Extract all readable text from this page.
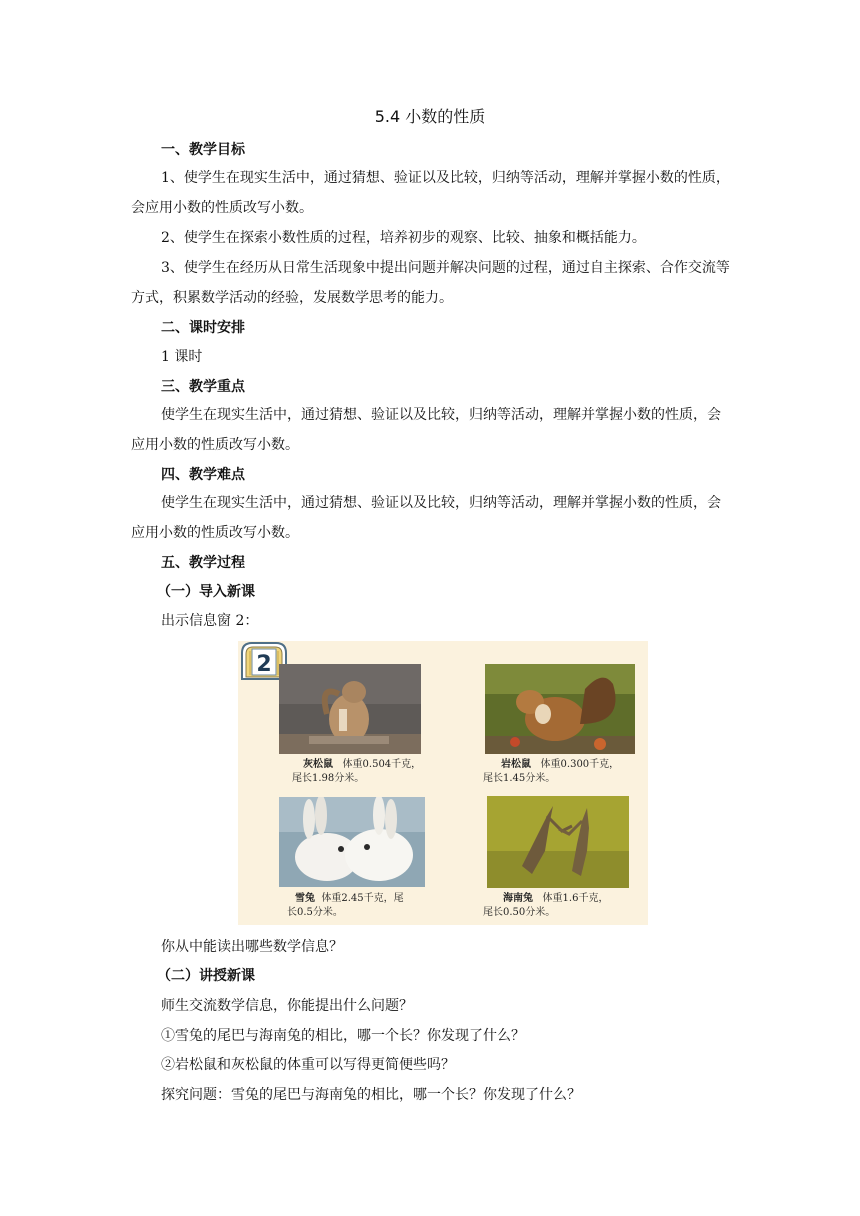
5.4 小数的性质
一、教学目标
1、使学生在现实生活中，通过猜想、验证以及比较，归纳等活动，理解并掌握小数的性质，会应用小数的性质改写小数。
2、使学生在探索小数性质的过程，培养初步的观察、比较、抽象和概括能力。
3、使学生在经历从日常生活现象中提出问题并解决问题的过程，通过自主探索、合作交流等方式，积累数学活动的经验，发展数学思考的能力。
二、课时安排
1 课时
三、教学重点
使学生在现实生活中，通过猜想、验证以及比较，归纳等活动，理解并掌握小数的性质，会应用小数的性质改写小数。
四、教学难点
使学生在现实生活中，通过猜想、验证以及比较，归纳等活动，理解并掌握小数的性质，会应用小数的性质改写小数。
五、教学过程
（一）导入新课
出示信息窗 2：
2
灰松鼠 体重0.504千克，
尾长1.98分米。
岩松鼠 体重0.300千克，
尾长1.45分米。
雪兔 体重2.45千克，尾
长0.5分米。
海南兔 体重1.6千克，
尾长0.50分米。
你从中能读出哪些数学信息？
（二）讲授新课
师生交流数学信息，你能提出什么问题？
①雪兔的尾巴与海南兔的相比，哪一个长？你发现了什么？
②岩松鼠和灰松鼠的体重可以写得更简便些吗？
探究问题：雪兔的尾巴与海南兔的相比，哪一个长？你发现了什么？
